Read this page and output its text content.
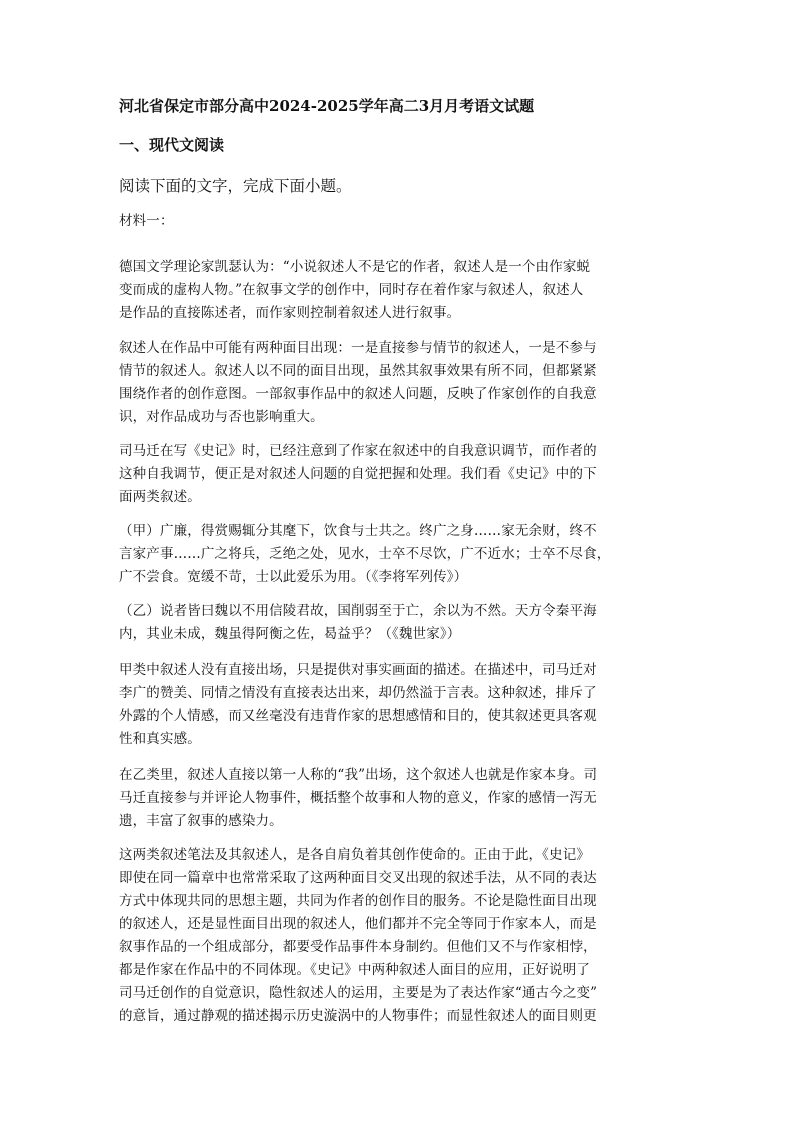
河北省保定市部分高中2024-2025学年高二3月月考语文试题
一、现代文阅读
阅读下面的文字，完成下面小题。
材料一：
德国文学理论家凯瑟认为：“小说叙述人不是它的作者，叙述人是一个由作家蜕
变而成的虚构人物。”在叙事文学的创作中，同时存在着作家与叙述人，叙述人
是作品的直接陈述者，而作家则控制着叙述人进行叙事。
叙述人在作品中可能有两种面目出现：一是直接参与情节的叙述人，一是不参与
情节的叙述人。叙述人以不同的面目出现，虽然其叙事效果有所不同，但都紧紧
围绕作者的创作意图。一部叙事作品中的叙述人问题，反映了作家创作的自我意
识，对作品成功与否也影响重大。
司马迁在写《史记》时，已经注意到了作家在叙述中的自我意识调节，而作者的
这种自我调节，便正是对叙述人问题的自觉把握和处理。我们看《史记》中的下
面两类叙述。
（甲）广廉，得赏赐辄分其麾下，饮食与士共之。终广之身……家无余财，终不
言家产事……广之将兵，乏绝之处，见水，士卒不尽饮，广不近水；士卒不尽食，
广不尝食。宽缓不苛，士以此爱乐为用。（《李将军列传》）
（乙）说者皆曰魏以不用信陵君故，国削弱至于亡，余以为不然。天方令秦平海
内，其业未成，魏虽得阿衡之佐，曷益乎？（《魏世家》）
甲类中叙述人没有直接出场，只是提供对事实画面的描述。在描述中，司马迁对
李广的赞美、同情之情没有直接表达出来，却仍然溢于言表。这种叙述，排斥了
外露的个人情感，而又丝毫没有违背作家的思想感情和目的，使其叙述更具客观
性和真实感。
在乙类里，叙述人直接以第一人称的“我”出场，这个叙述人也就是作家本身。司
马迁直接参与并评论人物事件，概括整个故事和人物的意义，作家的感情一泻无
遗，丰富了叙事的感染力。
这两类叙述笔法及其叙述人，是各自肩负着其创作使命的。正由于此，《史记》
即使在同一篇章中也常常采取了这两种面目交叉出现的叙述手法，从不同的表达
方式中体现共同的思想主题，共同为作者的创作目的服务。不论是隐性面目出现
的叙述人，还是显性面目出现的叙述人，他们都并不完全等同于作家本人，而是
叙事作品的一个组成部分，都要受作品事件本身制约。但他们又不与作家相悖，
都是作家在作品中的不同体现。《史记》中两种叙述人面目的应用，正好说明了
司马迁创作的自觉意识，隐性叙述人的运用，主要是为了表达作家“通古今之变”
的意旨，通过静观的描述揭示历史漩涡中的人物事件；而显性叙述人的面目则更
